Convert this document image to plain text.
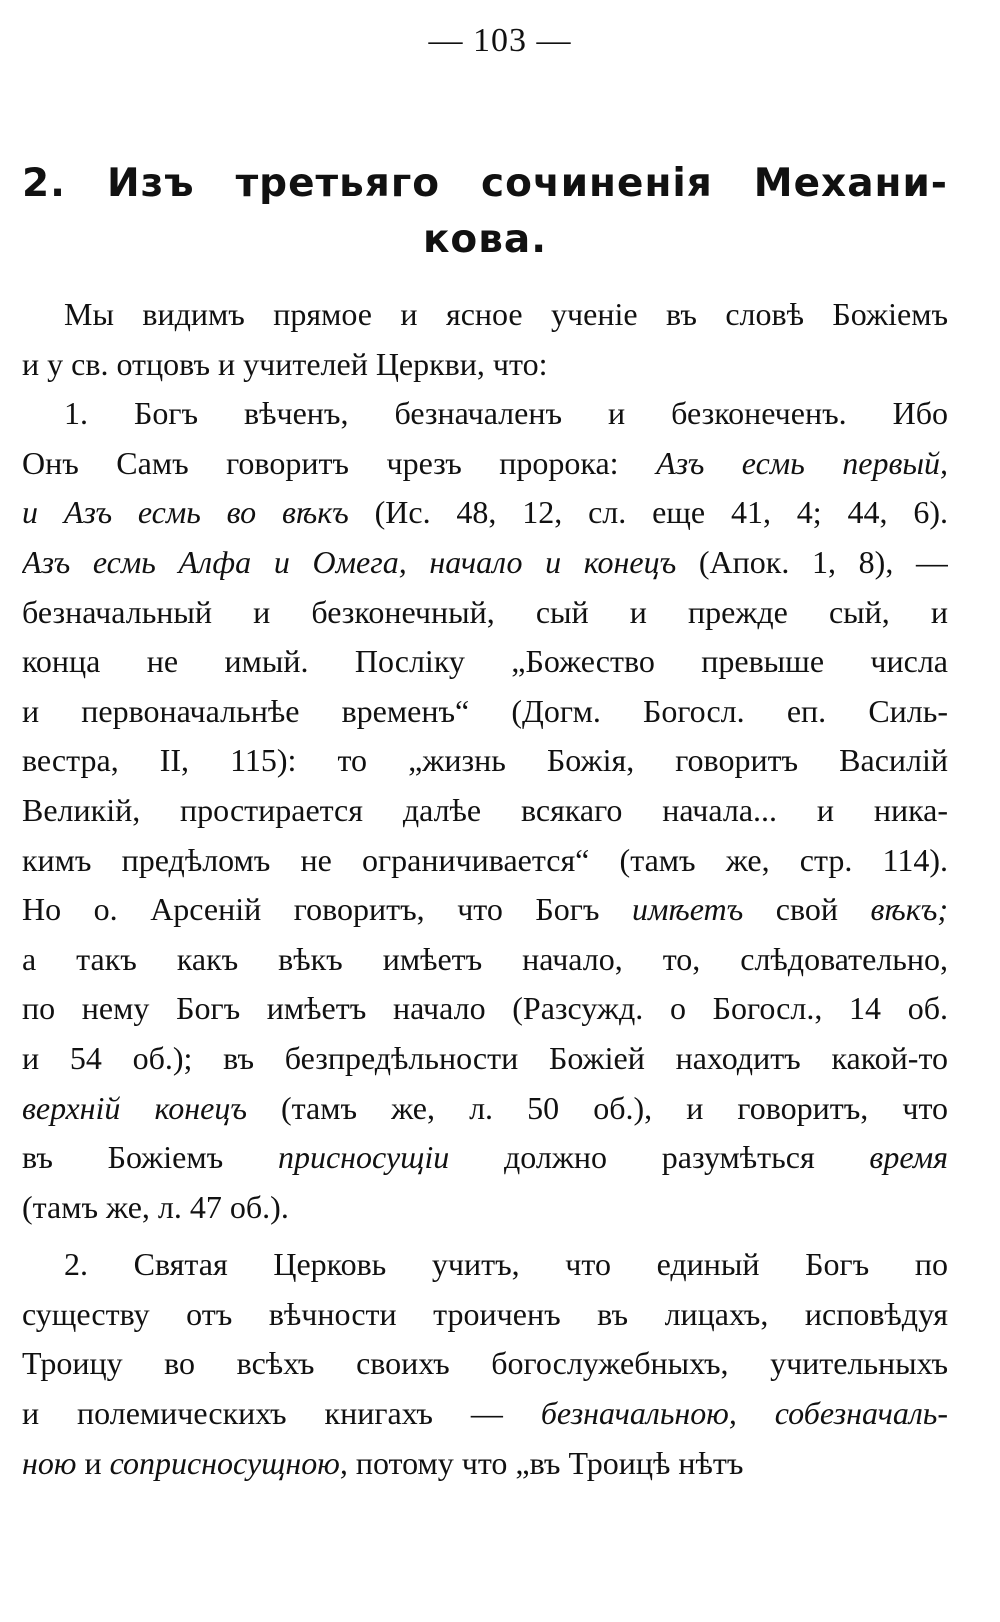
— 103 —
2. Изъ третьяго сочиненія Механи-
кова.
Мы видимъ прямое и ясное ученіе въ словѣ Божіемъ
и у св. отцовъ и учителей Церкви, что:
1. Богъ вѣченъ, безначаленъ и безконеченъ. Ибо
Онъ Самъ говоритъ чрезъ пророка: Азъ есмь первый,
и Азъ есмь во вѣкъ (Ис. 48, 12, сл. еще 41, 4; 44, 6).
Азъ есмь Алфа и Омега, начало и конецъ (Апок. 1, 8), —
безначальный и безконечный, сый и прежде сый, и
конца не имый. Посліку „Божество превыше числа
и первоначальнѣе временъ“ (Догм. Богосл. еп. Силь-
вестра, II, 115): то „жизнь Божія, говоритъ Василій
Великій, простирается далѣе всякаго начала... и ника-
кимъ предѣломъ не ограничивается“ (тамъ же, стр. 114).
Но о. Арсеній говоритъ, что Богъ имѣетъ свой вѣкъ;
а такъ какъ вѣкъ имѣетъ начало, то, слѣдовательно,
по нему Богъ имѣетъ начало (Разсужд. о Богосл., 14 об.
и 54 об.); въ безпредѣльности Божіей находитъ какой-то
верхній конецъ (тамъ же, л. 50 об.), и говоритъ, что
въ Божіемъ присносущіи должно разумѣться время
(тамъ же, л. 47 об.).
2. Святая Церковь учитъ, что единый Богъ по
существу отъ вѣчности троиченъ въ лицахъ, исповѣдуя
Троицу во всѣхъ своихъ богослужебныхъ, учительныхъ
и полемическихъ книгахъ — безначальною, собезначаль-
ною и соприсносущною, потому что „въ Троицѣ нѣтъ
